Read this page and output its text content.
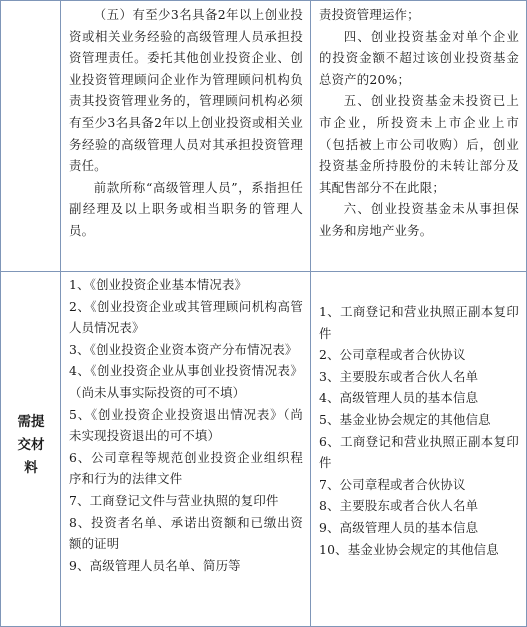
（五）有至少3名具备2年以上创业投资或相关业务经验的高级管理人员承担投资管理责任。委托其他创业投资企业、创业投资管理顾问企业作为管理顾问机构负责其投资管理业务的，管理顾问机构必须有至少3名具备2年以上创业投资或相关业务经验的高级管理人员对其承担投资管理责任。

前款所称“高级管理人员”，系指担任副经理及以上职务或相当职务的管理人员。

责投资管理运作；

四、创业投资基金对单个企业的投资金额不超过该创业投资基金总资产的20%；

五、创业投资基金未投资已上市企业，所投资未上市企业上市（包括被上市公司收购）后，创业投资基金所持股份的未转让部分及其配售部分不在此限；

六、创业投资基金未从事担保业务和房地产业务。

需提
交材
料

1、《创业投资企业基本情况表》

2、《创业投资企业或其管理顾问机构高管人员情况表》

3、《创业投资企业资本资产分布情况表》

4、《创业投资企业从事创业投资情况表》（尚未从事实际投资的可不填）

5、《创业投资企业投资退出情况表》（尚未实现投资退出的可不填）

6、公司章程等规范创业投资企业组织程序和行为的法律文件

7、工商登记文件与营业执照的复印件

8、投资者名单、承诺出资额和已缴出资额的证明

9、高级管理人员名单、简历等

1、工商登记和营业执照正副本复印件

2、公司章程或者合伙协议

3、主要股东或者合伙人名单

4、高级管理人员的基本信息

5、基金业协会规定的其他信息

6、工商登记和营业执照正副本复印件

7、公司章程或者合伙协议

8、主要股东或者合伙人名单

9、高级管理人员的基本信息

10、基金业协会规定的其他信息
